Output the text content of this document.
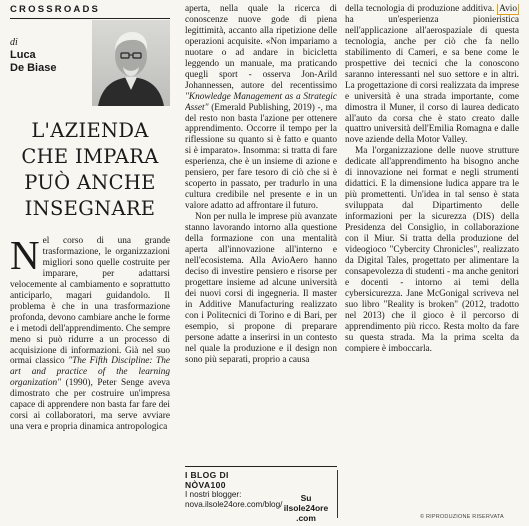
CROSSROADS
di
Luca
De Biase
L'AZIENDA
CHE IMPARA
PUÒ ANCHE
INSEGNARE

Nel corso di una grande trasformazione, le organizzazioni migliori sono quelle costruite per imparare, per adattarsi velocemente al cambiamento e soprattutto anticiparlo, magari guidandolo. Il problema è che in una trasformazione profonda, devono cambiare anche le forme e i metodi dell'apprendimento. Che sempre meno si può ridurre a un processo di acquisizione di informazioni. Già nel suo ormai classico "The Fifth Discipline: The art and practice of the learning organization" (1990), Peter Senge aveva dimostrato che per costruire un'impresa capace di apprendere non basta far fare dei corsi ai collaboratori, ma serve avviare una vera e propria dinamica antropologica

aperta, nella quale la ricerca di conoscenze nuove gode di piena legittimità, accanto alla ripetizione delle operazioni acquisite. «Non impariamo a nuotare o ad andare in bicicletta leggendo un manuale, ma praticando quegli sport - osserva Jon-Arild Johannessen, autore del recentissimo "Knowledge Management as a Strategic Asset" (Emerald Publishing, 2019) -, ma del resto non basta l'azione per ottenere apprendimento. Occorre il tempo per la riflessione su quanto si è fatto e quanto si è imparato». Insomma: si tratta di fare esperienza, che è un insieme di azione e pensiero, per fare tesoro di ciò che si è scoperto in passato, per tradurlo in una cultura credibile nel presente e in un valore adatto ad affrontare il futuro.

Non per nulla le imprese più avanzate stanno lavorando intorno alla questione della formazione con una mentalità aperta all'innovazione all'interno e nell'ecosistema. Alla AvioAero hanno deciso di investire pensiero e risorse per progettare insieme ad alcune università dei nuovi corsi di ingegneria. Il master in Additive Manufacturing realizzato con i Politecnici di Torino e di Bari, per esempio, si propone di preparare persone adatte a inserirsi in un contesto nel quale la produzione e il design non sono più separati, proprio a causa

della tecnologia di produzione additiva. Avio ha un'esperienza pionieristica nell'applicazione all'aerospaziale di questa tecnologia, anche per ciò che fa nello stabilimento di Cameri, e sa bene come le prospettive dei tecnici che la conoscono saranno interessanti nel suo settore e in altri. La progettazione di corsi realizzata da imprese e università è una strada importante, come dimostra il Muner, il corso di laurea dedicato all'auto da corsa che è stato creato dalle quattro università dell'Emilia Romagna e dalle nove aziende della Motor Valley.

Ma l'organizzazione delle nuove strutture dedicate all'apprendimento ha bisogno anche di innovazione nei format e negli strumenti didattici. E la dimensione ludica appare tra le più promettenti. Un'idea in tal senso è stata sviluppata dal Dipartimento delle informazioni per la sicurezza (DIS) della Presidenza del Consiglio, in collaborazione con il Miur. Si tratta della produzione del videogioco "Cybercity Chronicles", realizzato da Digital Tales, progettato per alimentare la consapevolezza di studenti - ma anche genitori e docenti - intorno ai temi della cybersicurezza. Jane McGonigal scriveva nel suo libro "Reality is broken" (2012, tradotto nel 2013) che il gioco è il percorso di apprendimento più ricco. Resta molto da fare su questa strada. Ma la prima scelta da compiere è imboccarla.

I BLOG DI
NÒVA100
I nostri blogger: nova.ilsole24ore.com/blog/
Su
ilsole24ore
.com	© RIPRODUZIONE RISERVATA
